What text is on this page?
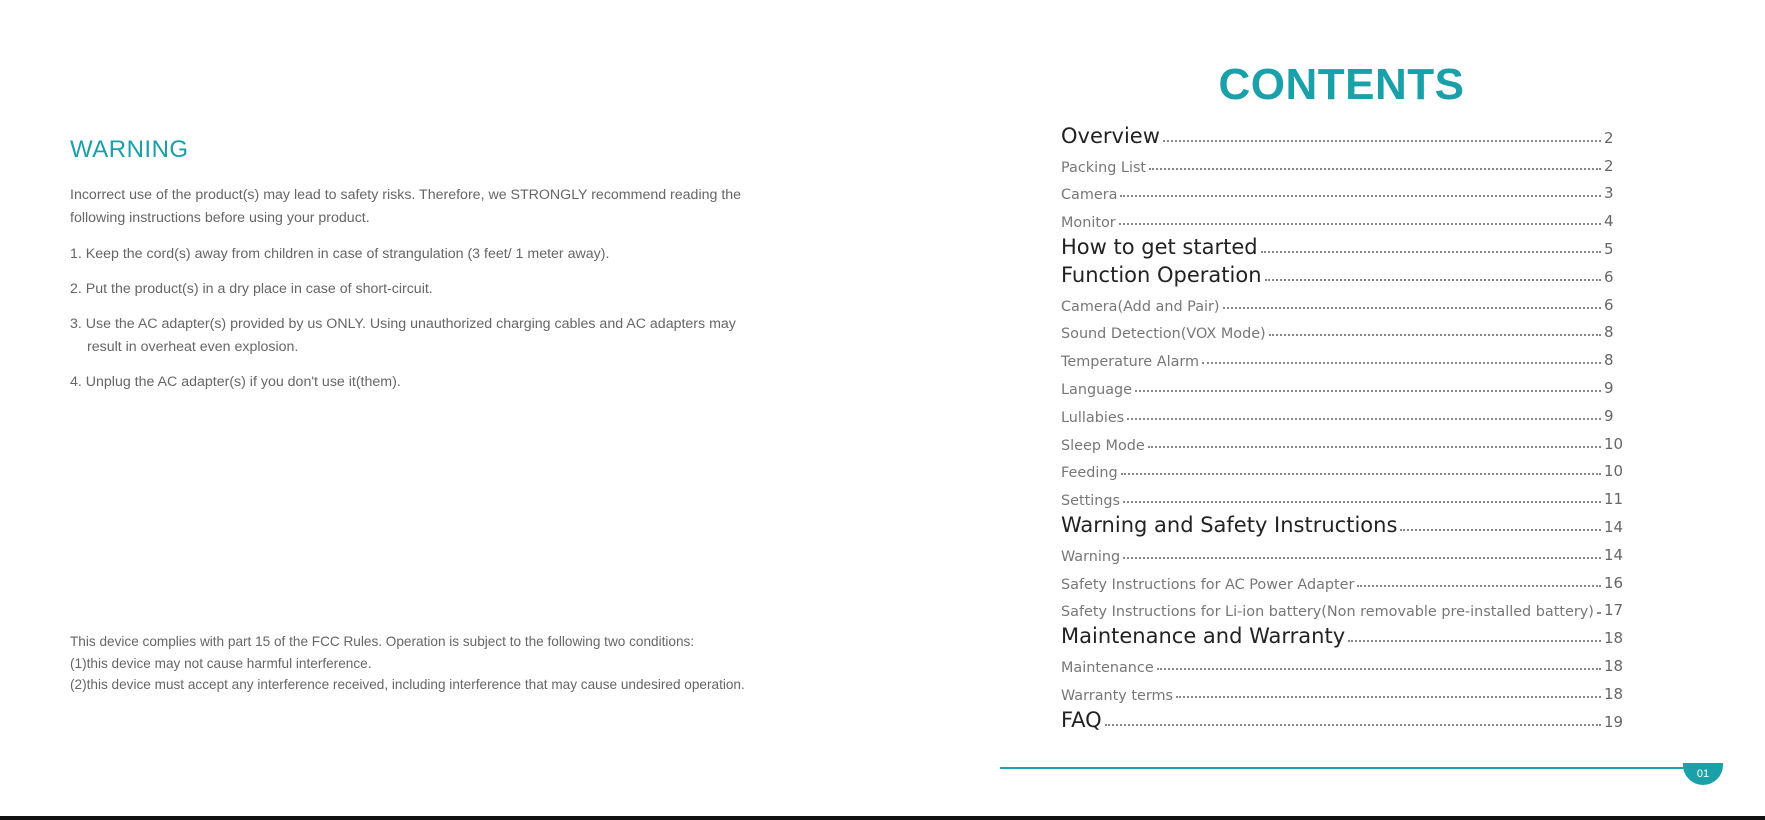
WARNING

Incorrect use of the product(s) may lead to safety risks. Therefore, we STRONGLY recommend reading the following instructions before using your product.

1. Keep the cord(s) away from children in case of strangulation (3 feet/ 1 meter away).
2. Put the product(s) in a dry place in case of short-circuit.
3. Use the AC adapter(s) provided by us ONLY. Using unauthorized charging cables and AC adapters may result in overheat even explosion.
4. Unplug the AC adapter(s) if you don't use it(them).

This device complies with part 15 of the FCC Rules. Operation is subject to the following two conditions:

(1)this device may not cause harmful interference.

(2)this device must accept any interference received, including interference that may cause undesired operation.

CONTENTS
Overview	2
Packing List	2
Camera	3
Monitor	4
How to get started	5
Function Operation	6
Camera(Add and Pair)	6
Sound Detection(VOX Mode)	8
Temperature Alarm	8
Language	9
Lullabies	9
Sleep Mode	10
Feeding	10
Settings	11
Warning and Safety Instructions	14
Warning	14
Safety Instructions for AC Power Adapter	16
Safety Instructions for Li-ion battery(Non removable pre-installed battery) 17
Maintenance and Warranty	18
Maintenance	18
Warranty terms	18
FAQ	19
01
